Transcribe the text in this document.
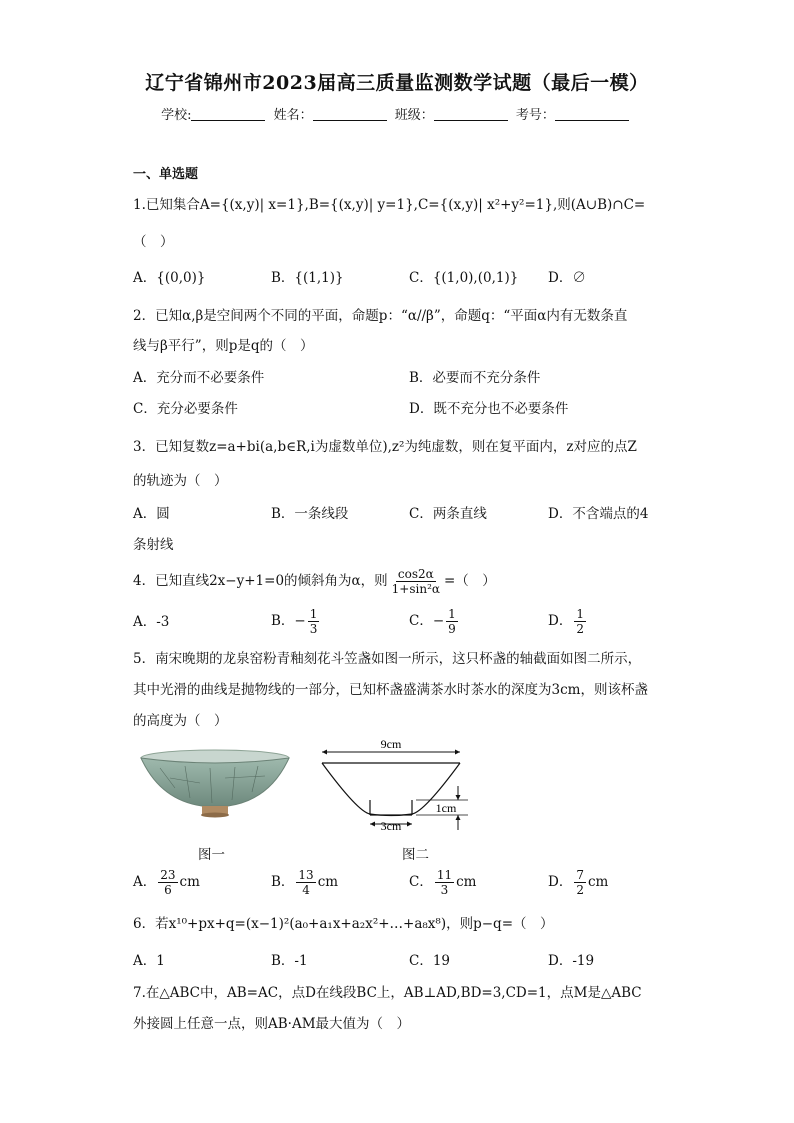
辽宁省锦州市2023届高三质量监测数学试题（最后一模）
学校:	姓名：	班级：	考号：
一、单选题
1.已知集合A={(x,y)| x=1},B={(x,y)| y=1},C={(x,y)| x²+y²=1},则(A∪B)∩C=
（　）
A．{(0,0)}	B．{(1,1)}	C．{(1,0),(0,1)} D．∅
2．已知α,β是空间两个不同的平面，命题p：“α//β”，命题q：“平面α内有无数条直
线与β平行”，则p是q的（　）
A．充分而不必要条件	B．必要而不充分条件
C．充分必要条件	D．既不充分也不必要条件
3．已知复数z=a+bi(a,b∈R,i为虚数单位),z²为纯虚数，则在复平面内，z对应的点Z
的轨迹为（　）
A．圆	B．一条线段	C．两条直线	D．不含端点的4
条射线
4．已知直线2x−y+1=0的倾斜角为α，则 $\frac{\cos 2\alpha}{\text{1+sin²α}}$ =（　）
A．-3	B．− $\frac{1}{3}$	C．− $\frac{1}{9}$	D． $\frac{1}{2}$
5．南宋晚期的龙泉窑粉青釉刻花斗笠盏如图一所示，这只杯盏的轴截面如图二所示，
其中光滑的曲线是抛物线的一部分，已知杯盏盛满茶水时茶水的深度为3cm，则该杯盏
的高度为（　）
9cm
3cm
1cm
图一	图二
A． $\frac{23}{6}$ cm	B． $\frac{13}{4}$ cm	C． $\frac{11}{3}$ cm	D． $\frac{7}{2}$ cm
6．若x¹⁰+px+q=(x−1)²(a₀+a₁x+a₂x²+…+a₈x⁸)，则p−q=（　）
A．1	B．-1	C．19	D．-19
7.在△ABC中，AB=AC，点D在线段BC上，AB⊥AD,BD=3,CD=1，点M是△ABC
外接圆上任意一点，则AB·AM最大值为（　）
